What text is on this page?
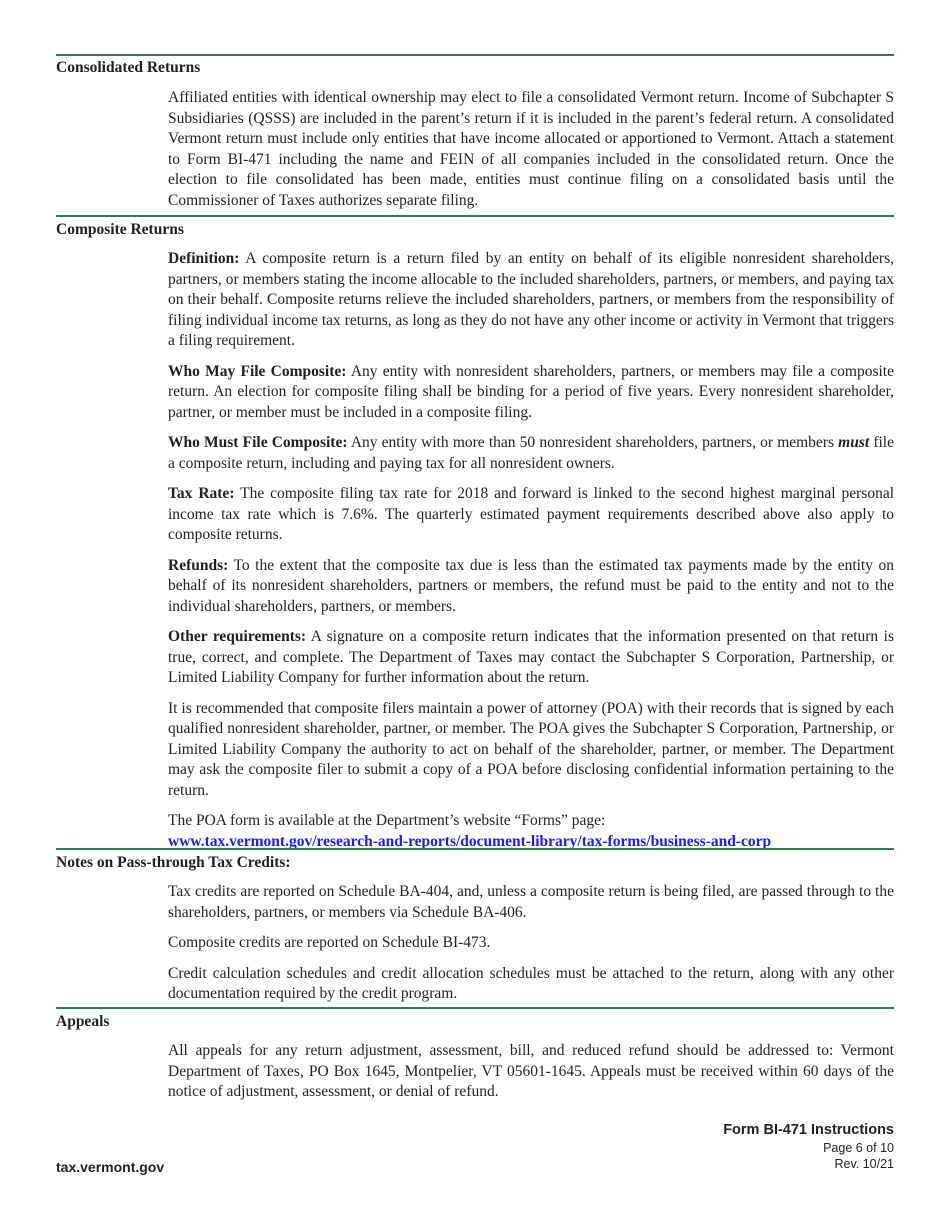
Consolidated Returns

Affiliated entities with identical ownership may elect to file a consolidated Vermont return. Income of Subchapter S Subsidiaries (QSSS) are included in the parent’s return if it is included in the parent’s federal return. A consolidated Vermont return must include only entities that have income allocated or apportioned to Vermont. Attach a statement to Form BI-471 including the name and FEIN of all companies included in the consolidated return. Once the election to file consolidated has been made, entities must continue filing on a consolidated basis until the Commissioner of Taxes authorizes separate filing.

Composite Returns

Definition: A composite return is a return filed by an entity on behalf of its eligible nonresident shareholders, partners, or members stating the income allocable to the included shareholders, partners, or members, and paying tax on their behalf. Composite returns relieve the included shareholders, partners, or members from the responsibility of filing individual income tax returns, as long as they do not have any other income or activity in Vermont that triggers a filing requirement.

Who May File Composite: Any entity with nonresident shareholders, partners, or members may file a composite return. An election for composite filing shall be binding for a period of five years. Every nonresident shareholder, partner, or member must be included in a composite filing.

Who Must File Composite: Any entity with more than 50 nonresident shareholders, partners, or members must file a composite return, including and paying tax for all nonresident owners.

Tax Rate: The composite filing tax rate for 2018 and forward is linked to the second highest marginal personal income tax rate which is 7.6%. The quarterly estimated payment requirements described above also apply to composite returns.

Refunds: To the extent that the composite tax due is less than the estimated tax payments made by the entity on behalf of its nonresident shareholders, partners or members, the refund must be paid to the entity and not to the individual shareholders, partners, or members.

Other requirements: A signature on a composite return indicates that the information presented on that return is true, correct, and complete. The Department of Taxes may contact the Subchapter S Corporation, Partnership, or Limited Liability Company for further information about the return.

It is recommended that composite filers maintain a power of attorney (POA) with their records that is signed by each qualified nonresident shareholder, partner, or member. The POA gives the Subchapter S Corporation, Partnership, or Limited Liability Company the authority to act on behalf of the shareholder, partner, or member. The Department may ask the composite filer to submit a copy of a POA before disclosing confidential information pertaining to the return.

The POA form is available at the Department’s website “Forms” page:
www.tax.vermont.gov/research-and-reports/document-library/tax-forms/business-and-corp

Notes on Pass-through Tax Credits:

Tax credits are reported on Schedule BA-404, and, unless a composite return is being filed, are passed through to the shareholders, partners, or members via Schedule BA-406.

Composite credits are reported on Schedule BI-473.

Credit calculation schedules and credit allocation schedules must be attached to the return, along with any other documentation required by the credit program.

Appeals

All appeals for any return adjustment, assessment, bill, and reduced refund should be addressed to: Vermont Department of Taxes, PO Box 1645, Montpelier, VT 05601-1645. Appeals must be received within 60 days of the notice of adjustment, assessment, or denial of refund.

tax.vermont.gov
Form BI-471 Instructions
Page 6 of 10
Rev. 10/21
